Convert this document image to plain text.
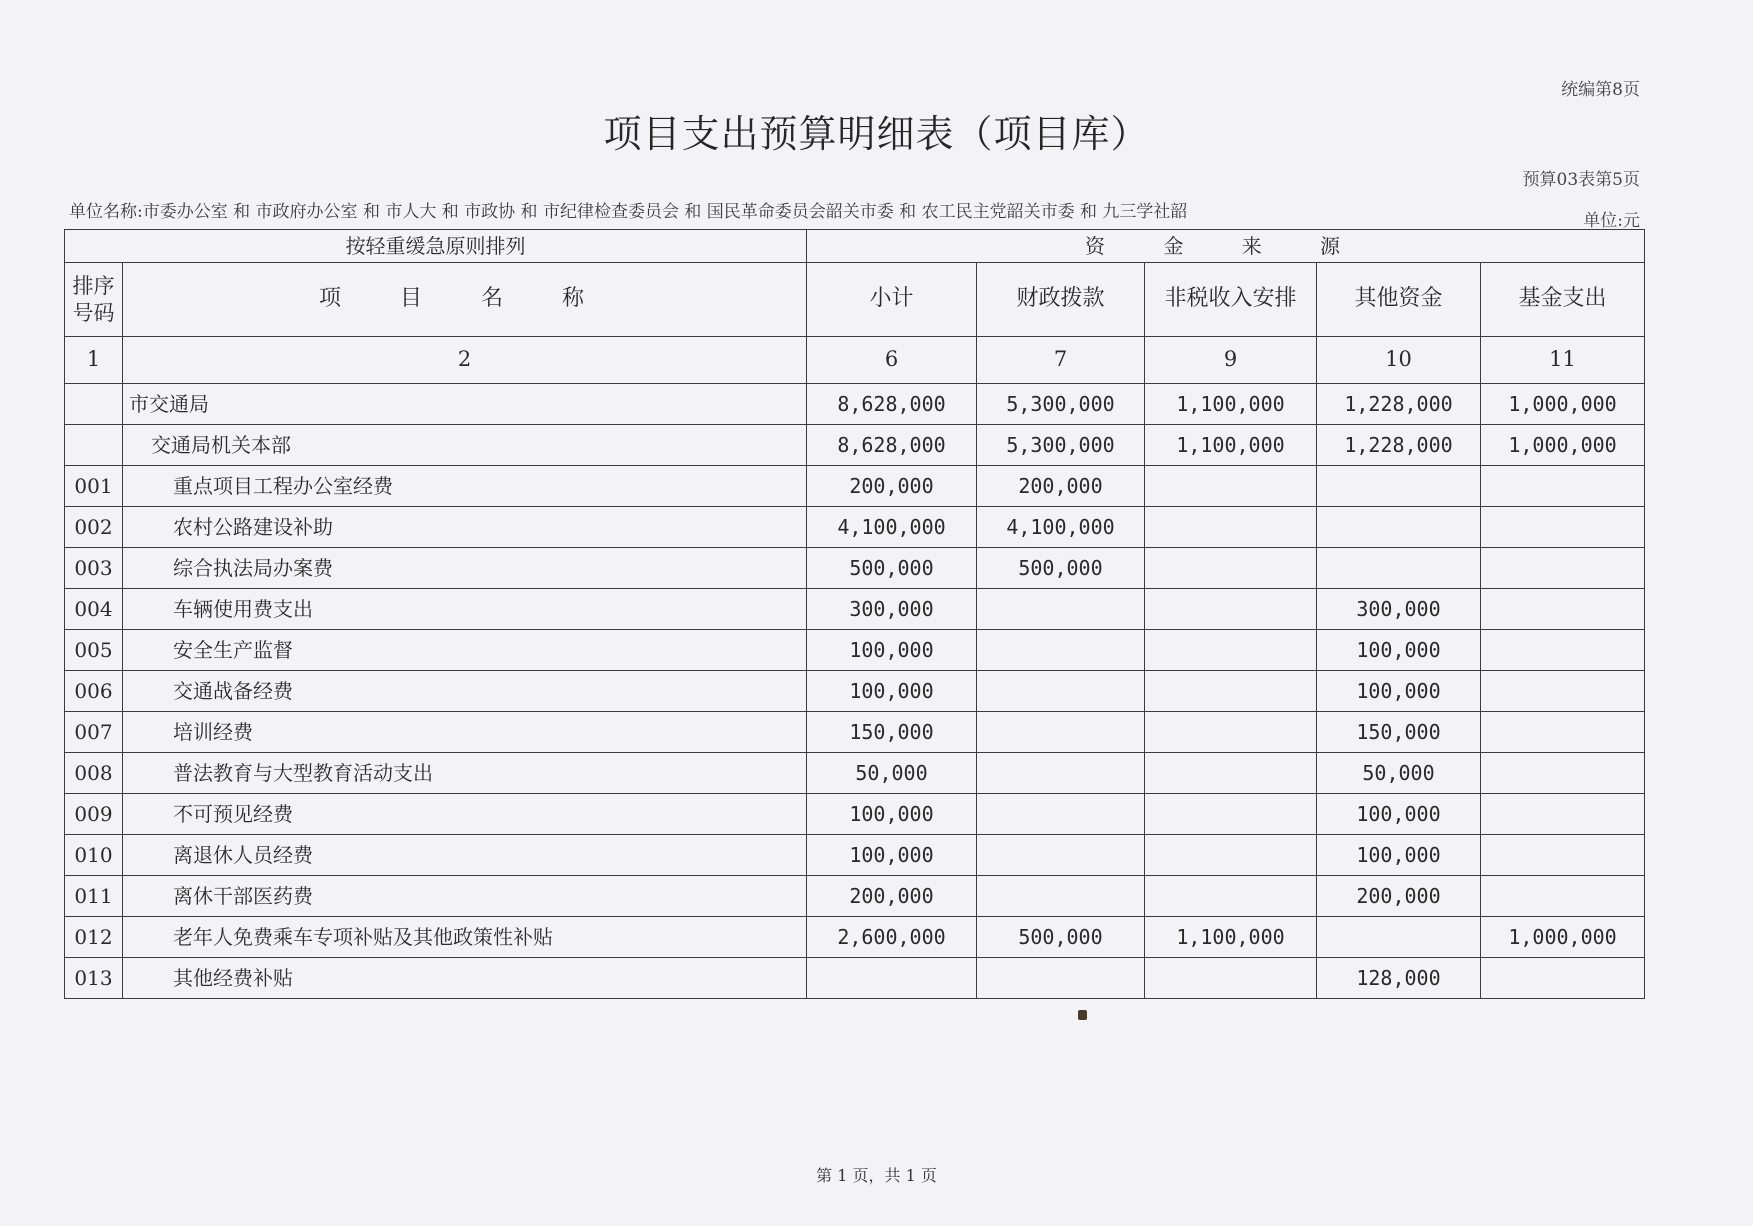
统编第8页
项目支出预算明细表（项目库）
预算03表第5页
单位名称:市委办公室 和 市政府办公室 和 市人大 和 市政协 和 市纪律检查委员会 和 国民革命委员会韶关市委 和 农工民主党韶关市委 和 九三学社韶	单位:元
按轻重缓急原则排列		资 金 来 源				
排序号码	项 目 名 称	小计	财政拨款	非税收入安排	其他资金	基金支出
1	2	6	7	9	10	11
	市交通局	8,628,000	5,300,000	1,100,000	1,228,000	1,000,000
	交通局机关本部	8,628,000	5,300,000	1,100,000	1,228,000	1,000,000
001	重点项目工程办公室经费	200,000	200,000			
002	农村公路建设补助	4,100,000	4,100,000			
003	综合执法局办案费	500,000	500,000			
004	车辆使用费支出	300,000			300,000	
005	安全生产监督	100,000			100,000	
006	交通战备经费	100,000			100,000	
007	培训经费	150,000			150,000	
008	普法教育与大型教育活动支出	50,000			50,000	
009	不可预见经费	100,000			100,000	
010	离退休人员经费	100,000			100,000	
011	离休干部医药费	200,000			200,000	
012	老年人免费乘车专项补贴及其他政策性补贴	2,600,000	500,000	1,100,000		1,000,000
013	其他经费补贴				128,000	
第 1 页，共 1 页
